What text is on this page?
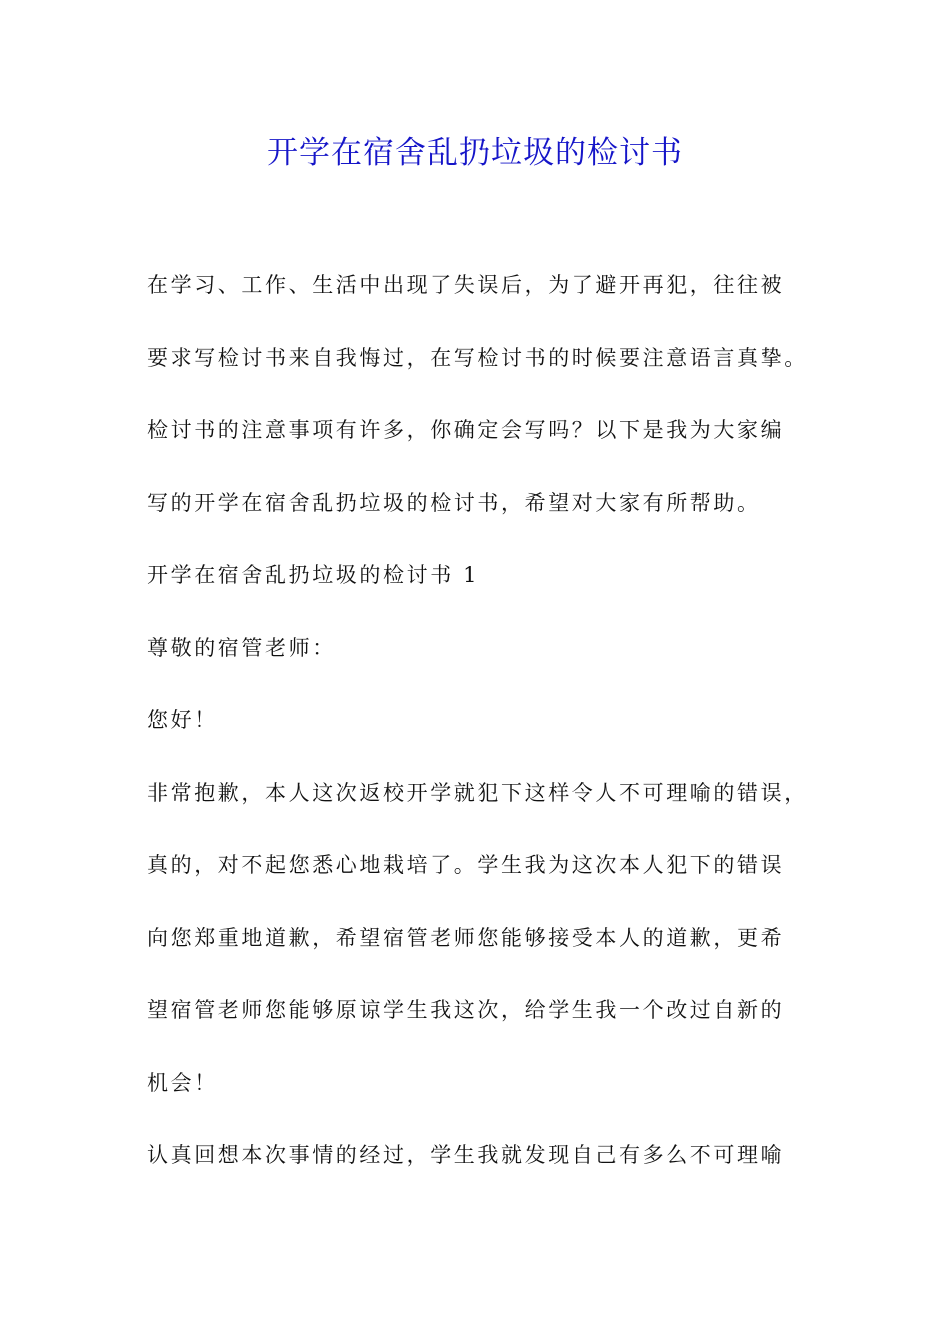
开学在宿舍乱扔垃圾的检讨书
在学习、工作、生活中出现了失误后，为了避开再犯，往往被
要求写检讨书来自我悔过，在写检讨书的时候要注意语言真挚。
检讨书的注意事项有许多，你确定会写吗？以下是我为大家编
写的开学在宿舍乱扔垃圾的检讨书，希望对大家有所帮助。
开学在宿舍乱扔垃圾的检讨书 1
尊敬的宿管老师：
您好！
非常抱歉，本人这次返校开学就犯下这样令人不可理喻的错误，
真的，对不起您悉心地栽培了。学生我为这次本人犯下的错误
向您郑重地道歉，希望宿管老师您能够接受本人的道歉，更希
望宿管老师您能够原谅学生我这次，给学生我一个改过自新的
机会！
认真回想本次事情的经过，学生我就发现自己有多么不可理喻
